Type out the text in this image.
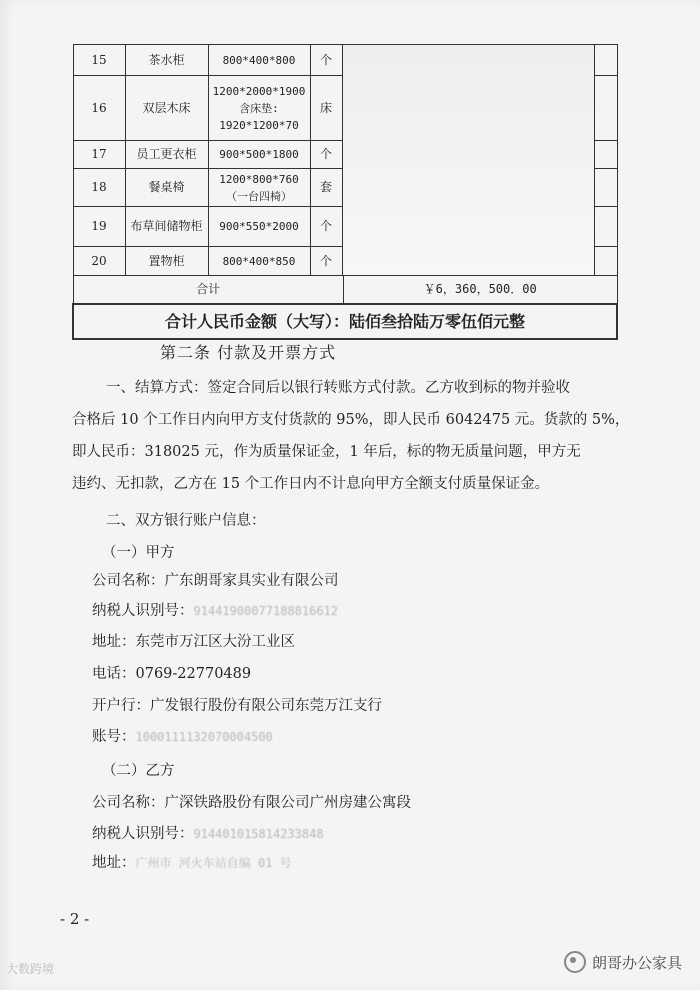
15	茶水柜	800*400*800	个	

16	双层木床	1200*2000*1900 含床垫: 1920*1200*70	床		
17	员工更衣柜	900*500*1800	个		
18	餐桌椅	1200*800*760 （一台四椅）	套		
19	布草间储物柜	900*550*2000	个		
20	置物柜	800*400*850	个		
合计				￥6，360，500．00	
合计人民币金额（大写）：陆佰叁拾陆万零伍佰元整					
第二条 付款及开票方式
一、结算方式：签定合同后以银行转账方式付款。乙方收到标的物并验收
合格后 10 个工作日内向甲方支付货款的 95%，即人民币 6042475 元。货款的 5%，
即人民币：318025 元，作为质量保证金，1 年后，标的物无质量问题，甲方无
违约、无扣款，乙方在 15 个工作日内不计息向甲方全额支付质量保证金。
二、双方银行账户信息：
（一）甲方
公司名称：广东朗哥家具实业有限公司
纳税人识别号：91441900077188816612
地址：东莞市万江区大汾工业区
电话：0769-22770489
开户行：广发银行股份有限公司东莞万江支行
账号：1000111132070004500
（二）乙方
公司名称：广深铁路股份有限公司广州房建公寓段
纳税人识别号：914401015814233848
地址：广州市 河火车站自编 01 号
- 2 -
大数跨境	朗哥办公家具
